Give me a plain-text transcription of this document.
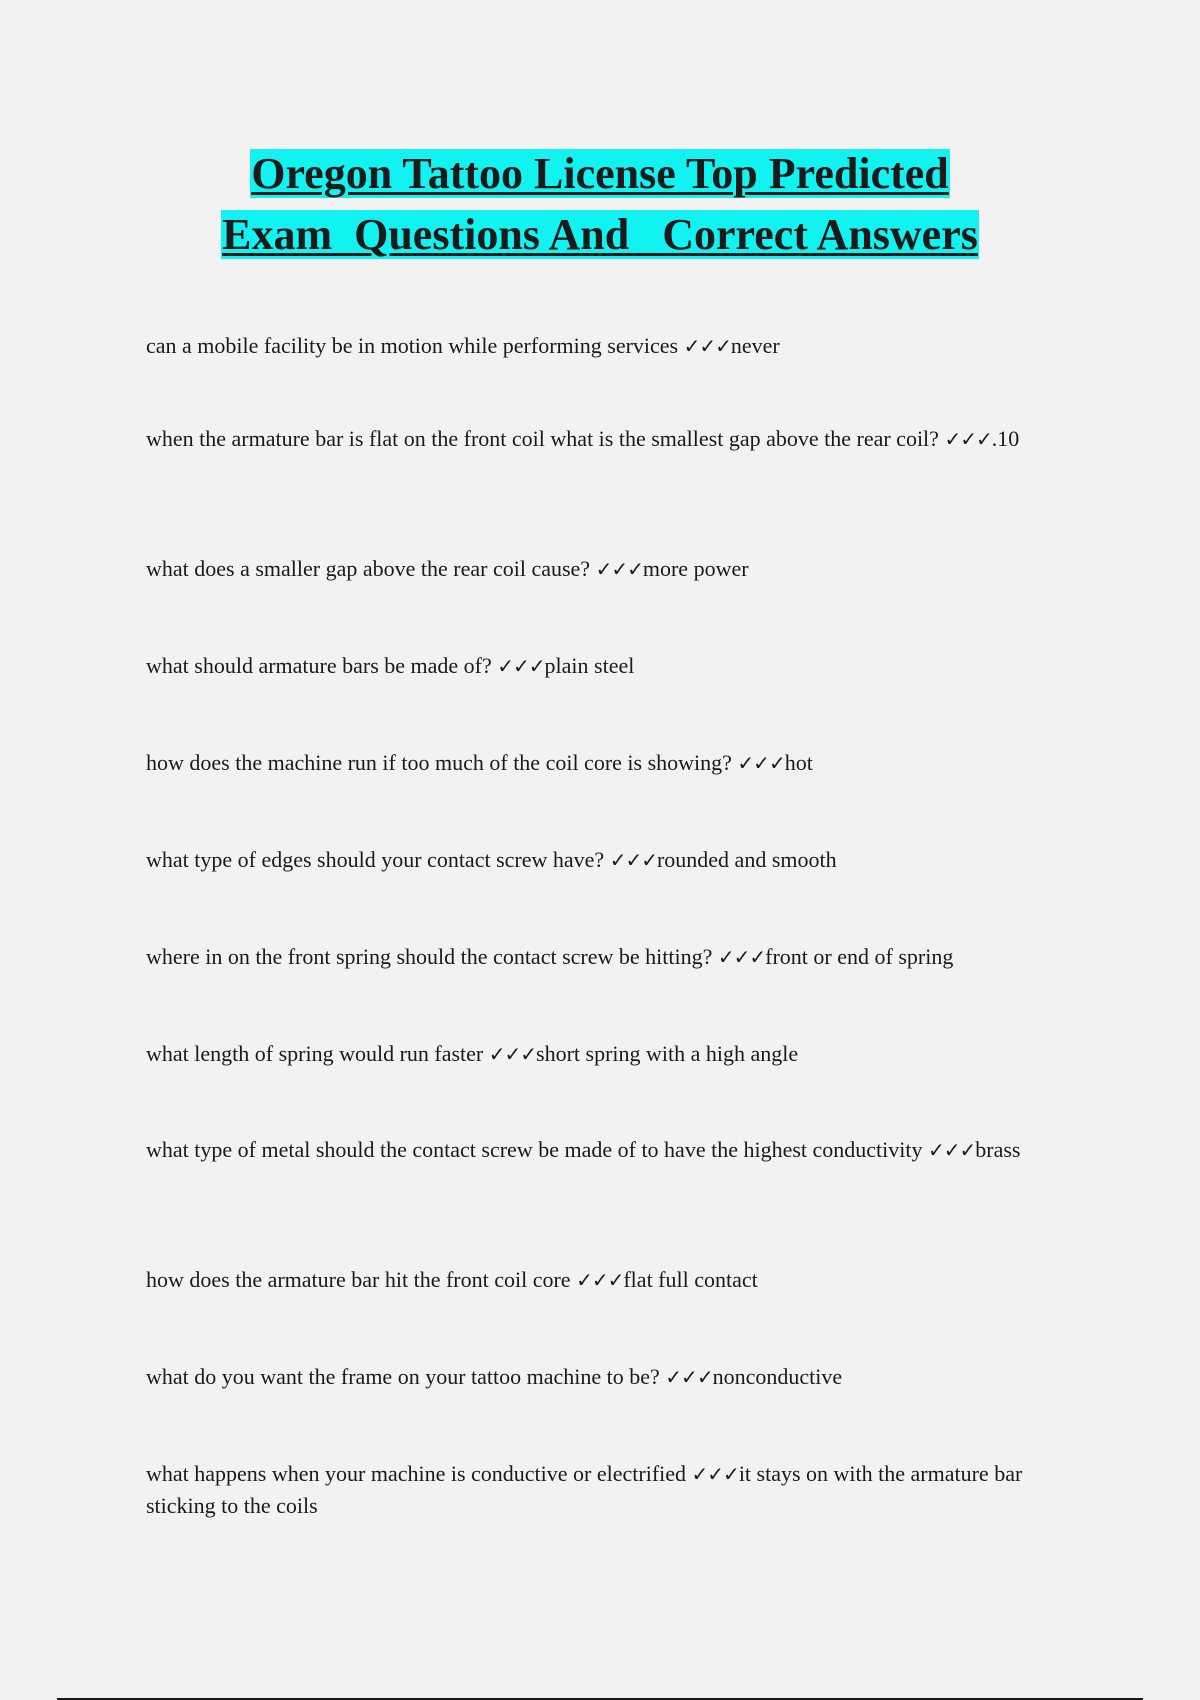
Oregon Tattoo License Top Predicted
Exam  Questions And   Correct Answers
can a mobile facility be in motion while performing services ✓✓✓never
when the armature bar is flat on the front coil what is the smallest gap above the rear coil? ✓✓✓.10
what does a smaller gap above the rear coil cause? ✓✓✓more power
what should armature bars be made of? ✓✓✓plain steel
how does the machine run if too much of the coil core is showing? ✓✓✓hot
what type of edges should your contact screw have? ✓✓✓rounded and smooth
where in on the front spring should the contact screw be hitting? ✓✓✓front or end of spring
what length of spring would run faster ✓✓✓short spring with a high angle
what type of metal should the contact screw be made of to have the highest conductivity ✓✓✓brass
how does the armature bar hit the front coil core ✓✓✓flat full contact
what do you want the frame on your tattoo machine to be? ✓✓✓nonconductive
what happens when your machine is conductive or electrified ✓✓✓it stays on with the armature bar sticking to the coils
